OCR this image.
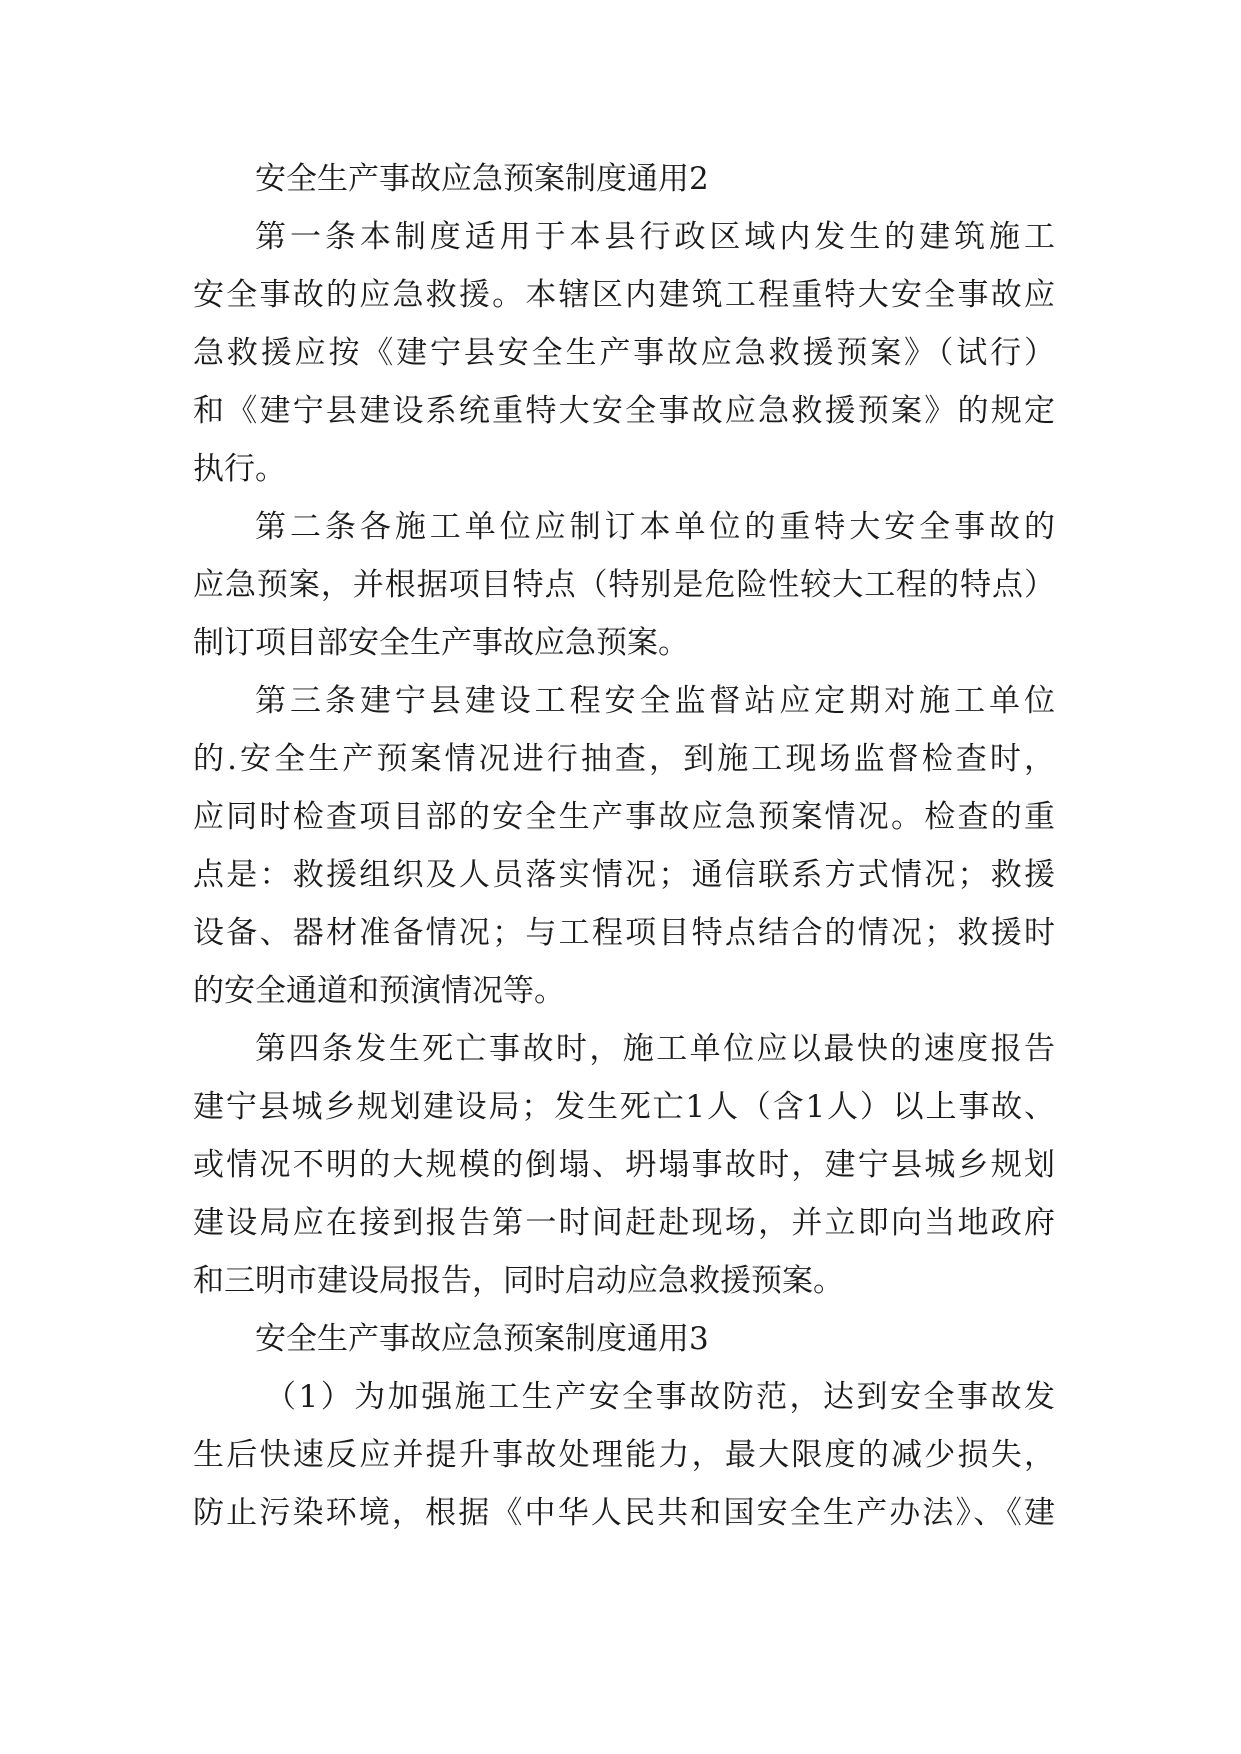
安全生产事故应急预案制度通用2
第一条本制度适用于本县行政区域内发生的建筑施工
安全事故的应急救援。本辖区内建筑工程重特大安全事故应
急救援应按《建宁县安全生产事故应急救援预案》（试行）
和《建宁县建设系统重特大安全事故应急救援预案》的规定
执行。
第二条各施工单位应制订本单位的重特大安全事故的
应急预案，并根据项目特点（特别是危险性较大工程的特点）
制订项目部安全生产事故应急预案。
第三条建宁县建设工程安全监督站应定期对施工单位
的.安全生产预案情况进行抽查，到施工现场监督检查时，
应同时检查项目部的安全生产事故应急预案情况。检查的重
点是：救援组织及人员落实情况；通信联系方式情况；救援
设备、器材准备情况；与工程项目特点结合的情况；救援时
的安全通道和预演情况等。
第四条发生死亡事故时，施工单位应以最快的速度报告
建宁县城乡规划建设局；发生死亡1人（含1人）以上事故、
或情况不明的大规模的倒塌、坍塌事故时，建宁县城乡规划
建设局应在接到报告第一时间赶赴现场，并立即向当地政府
和三明市建设局报告，同时启动应急救援预案。
安全生产事故应急预案制度通用3
（1）为加强施工生产安全事故防范，达到安全事故发
生后快速反应并提升事故处理能力，最大限度的减少损失，
防止污染环境，根据《中华人民共和国安全生产办法》、《建
